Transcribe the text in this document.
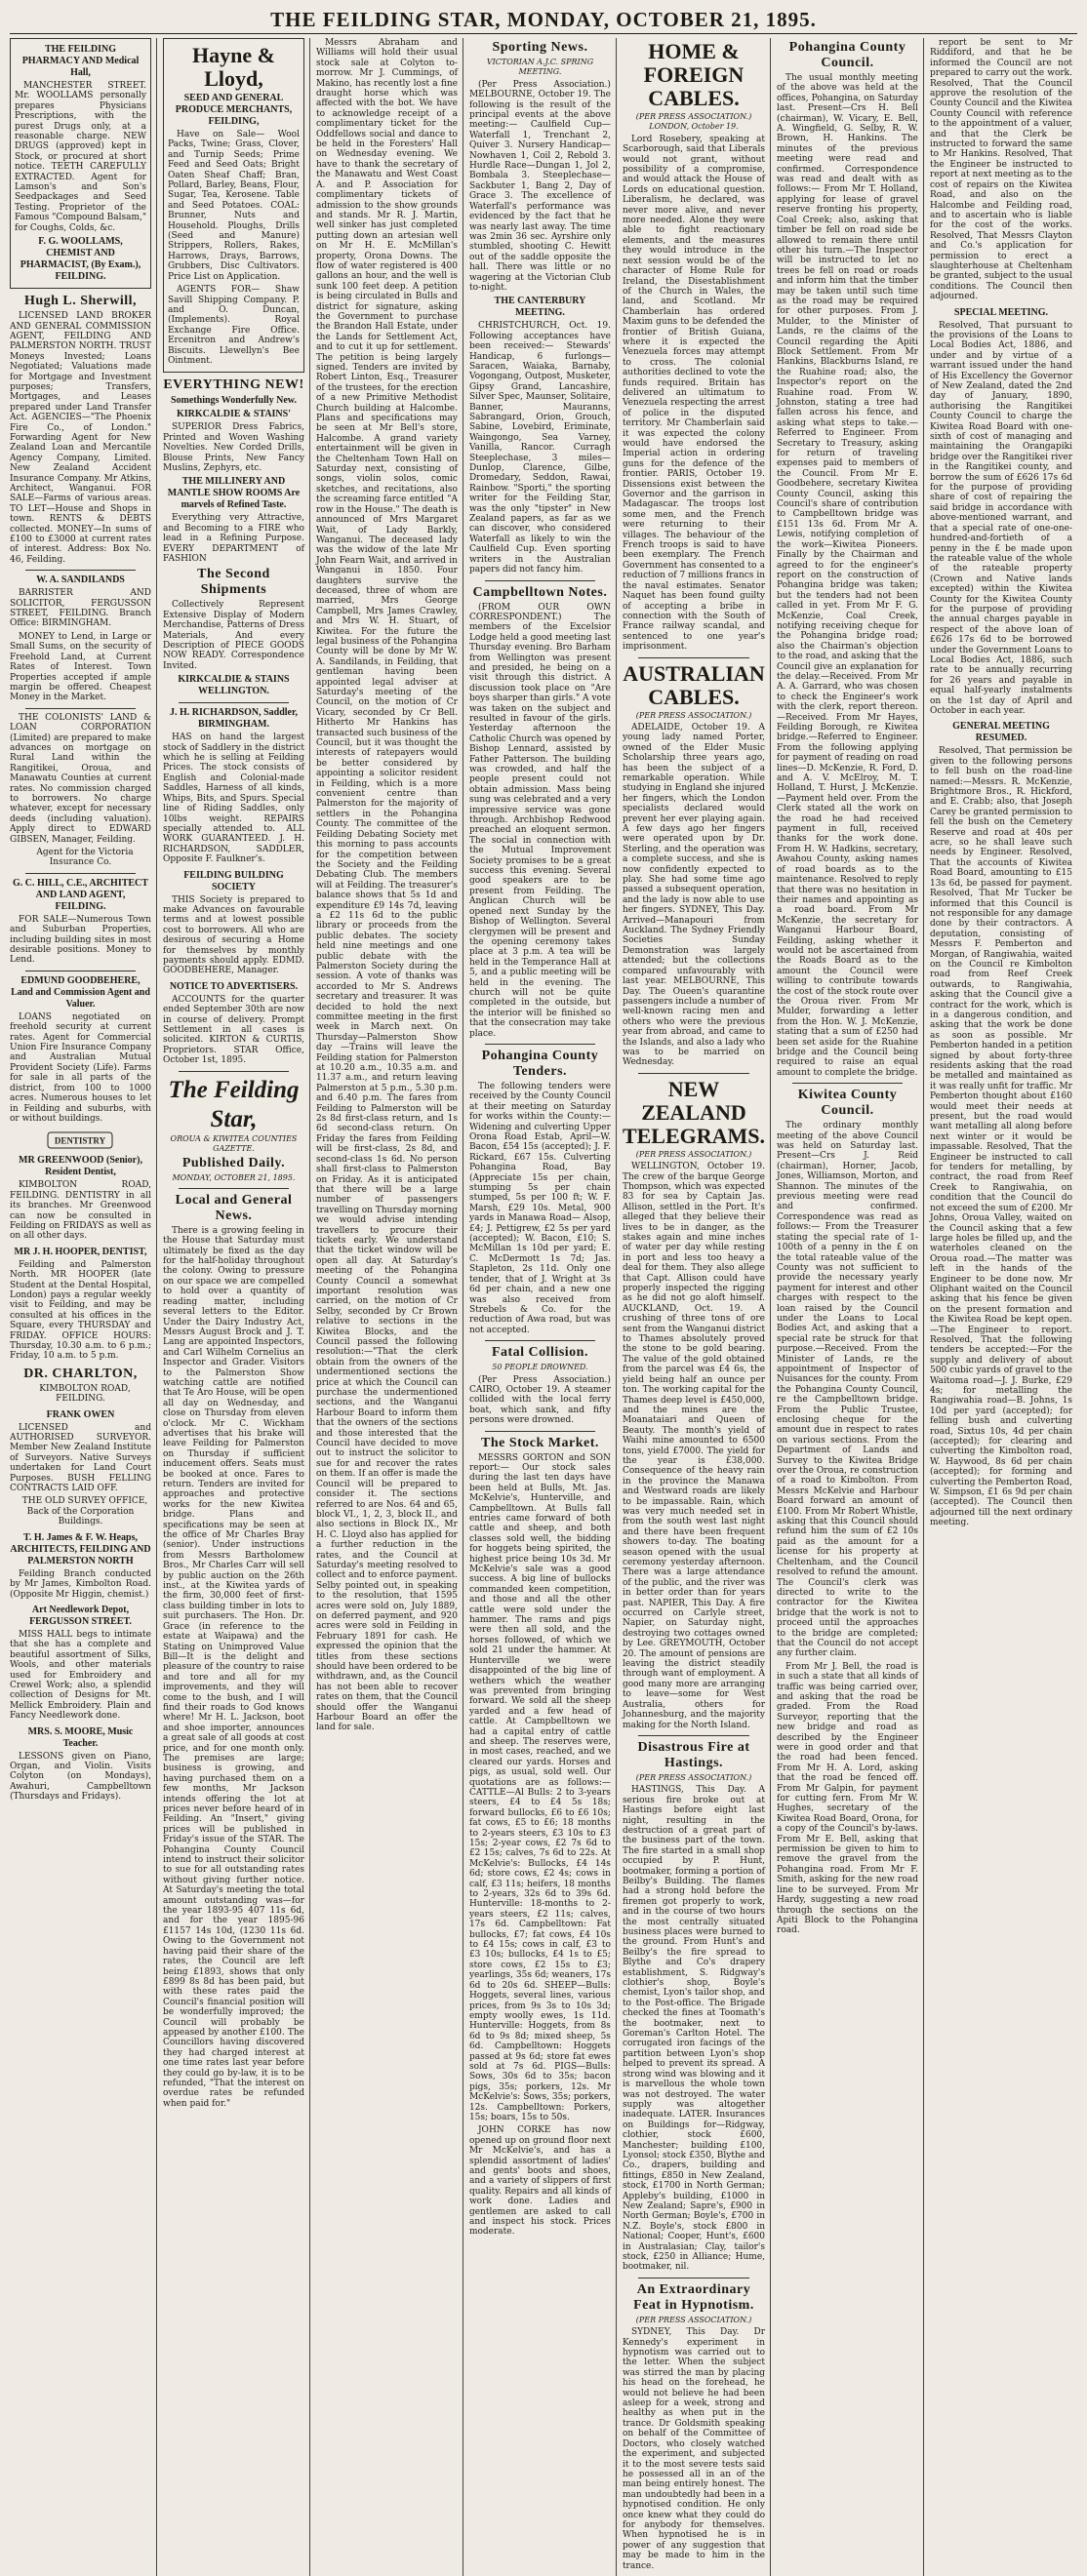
THE FEILDING STAR, MONDAY, OCTOBER 21, 1895.
THE FEILDING PHARMACY AND Medical Hall,

MANCHESTER STREET. Mr. WOOLLAMS personally prepares Physicians Prescriptions, with the purest Drugs only, at a reasonable charge. NEW DRUGS (approved) kept in Stock, or procured at short notice. TEETH CAREFULLY EXTRACTED. Agent for Lamson's and Son's Seedpackages and Seed Testing. Proprietor of the Famous "Compound Balsam," for Coughs, Colds, &c.

F. G. WOOLLAMS, CHEMIST AND PHARMACIST, (By Exam.), FEILDING.
Hugh L. Sherwill,

LICENSED LAND BROKER AND GENERAL COMMISSION AGENT, FEILDING AND PALMERSTON NORTH. TRUST Moneys Invested; Loans Negotiated; Valuations made for Mortgage and Investment purposes; Transfers, Mortgages, and Leases prepared under Land Transfer Act. AGENCIES—"The Phoenix Fire Co., of London." Forwarding Agent for New Zealand Loan and Mercantile Agency Company, Limited. New Zealand Accident Insurance Company. Mr Atkins, Architect, Wanganui. FOR SALE—Farms of various areas. TO LET—House and Shops in town. RENTS & DEBTS collected. MONEY—In sums of £100 to £3000 at current rates of interest. Address: Box No. 46, Feilding.

W. A. SANDILANDS

BARRISTER AND SOLICITOR, FERGUSSON STREET, FEILDING. Branch Office: BIRMINGHAM.

MONEY to Lend, in Large or Small Sums, on the security of Freehold Land, at Current Rates of Interest. Town Properties accepted if ample margin be offered. Cheapest Money in the Market.

THE COLONISTS' LAND & LOAN CORPORATION (Limited) are prepared to make advances on mortgage on Rural Land within the Rangitikei, Oroua, and Manawatu Counties at current rates. No commission charged to borrowers. No charge whatever, except for necessary deeds (including valuation). Apply direct to EDWARD GIBSEN, Manager, Feilding.

Agent for the Victoria Insurance Co.

G. C. HILL, C.E., ARCHITECT AND LAND AGENT, FEILDING.

FOR SALE—Numerous Town and Suburban Properties, including building sites in most desirable positions. Money to Lend.

EDMUND GOODBEHERE, Land and Commission Agent and Valuer.

LOANS negotiated on freehold security at current rates. Agent for Commercial Union Fire Insurance Company and Australian Mutual Provident Society (Life). Farms for sale in all parts of the district, from 100 to 1000 acres. Numerous houses to let in Feilding and suburbs, with or without buildings.

DENTISTRY
MR GREENWOOD (Senior), Resident Dentist,

KIMBOLTON ROAD, FEILDING. DENTISTRY in all its branches. Mr Greenwood can now be consulted in Feilding on FRIDAYS as well as on all other days.

MR J. H. HOOPER, DENTIST,

Feilding and Palmerston North. MR HOOPER (late Student at the Dental Hospital, London) pays a regular weekly visit to Feilding, and may be consulted at his offices in the Square, every THURSDAY and FRIDAY. OFFICE HOURS: Thursday, 10.30 a.m. to 6 p.m.; Friday, 10 a.m. to 5 p.m.

DR. CHARLTON,

KIMBOLTON ROAD, FEILDING.

FRANK OWEN

LICENSED and AUTHORISED SURVEYOR. Member New Zealand Institute of Surveyors. Native Surveys undertaken for Land Court Purposes. BUSH FELLING CONTRACTS LAID OFF.

THE OLD SURVEY OFFICE, Back of the Corporation Buildings.

T. H. James & F. W. Heaps, ARCHITECTS, FEILDING AND PALMERSTON NORTH

Feilding Branch conducted by Mr James, Kimbolton Road. (Opposite Mr Higgin, chemist.)

Art Needlework Depot, FERGUSSON STREET.

MISS HALL begs to intimate that she has a complete and beautiful assortment of Silks, Wools, and other materials used for Embroidery and Crewel Work; also, a splendid collection of Designs for Mt. Mellick Embroidery. Plain and Fancy Needlework done.

MRS. S. MOORE, Music Teacher.

LESSONS given on Piano, Organ, and Violin. Visits Colyton (on Mondays), Awahuri, Campbelltown (Thursdays and Fridays).

Hayne & Lloyd,
SEED AND GENERAL PRODUCE MERCHANTS, FEILDING,

Have on Sale— Wool Packs, Twine; Grass, Clover, and Turnip Seeds; Prime Feed and Seed Oats; Bright Oaten Sheaf Chaff; Bran, Pollard, Barley, Beans, Flour, Sugar, Tea, Kerosene. Table and Seed Potatoes. COAL: Brunner, Nuts and Household. Ploughs, Drills (Seed and Manure) Strippers, Rollers, Rakes, Harrows, Drays, Barrows, Grubbers, Disc Cultivators. Price List on Application.

AGENTS FOR— Shaw Savill Shipping Company. P. and O. Duncan, (Implements). Royal Exchange Fire Office. Ercenitron and Andrew's Biscuits. Llewellyn's Bee Ointment.

EVERYTHING NEW!
Somethings Wonderfully New.
KIRKCALDIE & STAINS'

SUPERIOR Dress Fabrics, Printed and Woven Washing Novelties. New Corded Drills, Blouse Prints, New Fancy Muslins, Zephyrs, etc.

THE MILLINERY AND MANTLE SHOW ROOMS Are marvels of Refined Taste.

Everything very Attractive, and Becoming to a FIRE who lead in a Refining Purpose. EVERY DEPARTMENT of FASHION

The Second Shipments

Collectively Represent Extensive Display of Modern Merchandise, Patterns of Dress Materials, And every Description of PIECE GOODS NOW READY. Correspondence Invited.

KIRKCALDIE & STAINS WELLINGTON.
J. H. RICHARDSON, Saddler, BIRMINGHAM.

HAS on hand the largest stock of Saddlery in the district which he is selling at Feilding Prices. The stock consists of English and Colonial-made Saddles, Harness of all kinds, Whips, Bits, and Spurs. Special line of Riding Saddles, only 10lbs weight. REPAIRS specially attended to. ALL WORK GUARANTEED. J. H. RICHARDSON, SADDLER, Opposite F. Faulkner's.

FEILDING BUILDING SOCIETY

THIS Society is prepared to make Advances on favourable terms and at lowest possible cost to borrowers. All who are desirous of securing a Home for themselves by monthly payments should apply. EDMD. GOODBEHERE, Manager.

NOTICE TO ADVERTISERS.

ACCOUNTS for the quarter ended September 30th are now in course of delivery. Prompt Settlement in all cases is solicited. KIRTON & CURTIS, Proprietors. STAR Office, October 1st, 1895.

The Feilding Star,
OROUA & KIWITEA COUNTIES GAZETTE.
Published Daily.
MONDAY, OCTOBER 21, 1895.
Local and General News.

There is a growing feeling in the House that Saturday must ultimately be fixed as the day for the half-holiday throughout the colony. Owing to pressure on our space we are compelled to hold over a quantity of reading matter, including several letters to the Editor. Under the Dairy Industry Act, Messrs August Brock and J. T. Lang are appointed Inspectors, and Carl Wilhelm Cornelius an Inspector and Grader. Visitors to the Palmerston Show watching cattle are notified that Te Aro House, will be open all day on Wednesday, and close on Thursday from eleven o'clock. Mr C. Wickham advertises that his brake will leave Feilding for Palmerston on Thursday if sufficient inducement offers. Seats must be booked at once. Fares to return. Tenders are invited for approaches and protective works for the new Kiwitea bridge. Plans and specifications may be seen at the office of Mr Charles Bray (senior). Under instructions from Messrs Bartholomew Bros., Mr Charles Carr will sell by public auction on the 26th inst., at the Kiwitea yards of the firm, 30,000 feet of first-class building timber in lots to suit purchasers. The Hon. Dr. Grace (in reference to the estate at Waipawa) and the Stating on Unimproved Value Bill—It is the delight and pleasure of the country to raise and tore and all for my improvements, and they will come to the bush, and I will find their roads to God knows where! Mr H. L. Jackson, boot and shoe importer, announces a great sale of all goods at cost price, and for one month only. The premises are large; business is growing, and having purchased them on a few months, Mr Jackson intends offering the lot at prices never before heard of in Feilding. An "Insert," giving prices will be published in Friday's issue of the STAR. The Pohangina County Council intend to instruct their solicitor to sue for all outstanding rates without giving further notice. At Saturday's meeting the total amount outstanding was—for the year 1893-95 407 11s 6d, and for the year 1895-96 £1157 14s 10d, (1230 11s 6d. Owing to the Government not having paid their share of the rates, the Council are left being £1893, shows that only £899 8s 8d has been paid, but with these rates paid the Council's financial position will be wonderfully improved; the Council will probably be appeased by another £100. The Councillors having discovered they had charged interest at one time rates last year before they could go by-law, it is to be refunded, "That the interest on overdue rates be refunded when paid for."

Messrs Abraham and Williams will hold their usual stock sale at Colyton to-morrow. Mr J. Cummings, of Makino, has recently lost a fine draught horse which was affected with the bot. We have to acknowledge receipt of a complimentary ticket for the Oddfellows social and dance to be held in the Foresters' Hall on Wednesday evening. We have to thank the secretary of the Manawatu and West Coast A. and P. Association for complimentary tickets of admission to the show grounds and stands. Mr R. J. Martin, well sinker has just completed putting down an artesian well on Mr H. E. McMillan's property, Orona Downs. The flow of water registered is 400 gallons an hour, and the well is sunk 100 feet deep. A petition is being circulated in Bulls and district for signature, asking the Government to purchase the Brandon Hall Estate, under the Lands for Settlement Act, and to cut it up for settlement. The petition is being largely signed. Tenders are invited by Robert Linton, Esq., Treasurer of the trustees, for the erection of a new Primitive Methodist Church building at Halcombe. Plans and specifications may be seen at Mr Bell's store, Halcombe. A grand variety entertainment will be given in the Cheltenham Town Hall on Saturday next, consisting of songs, violin solos, comic sketches, and recitations, also the screaming farce entitled "A row in the House." The death is announced of Mrs Margaret Wait, of Lady Barkly, Wanganui. The deceased lady was the widow of the late Mr John Fearn Wait, and arrived in Wanganui in 1850. Four daughters survive the deceased, three of whom are married, Mrs George Campbell, Mrs James Crawley, and Mrs W. H. Stuart, of Kiwitea. For the future the legal business of the Pohangina County will be done by Mr W. A. Sandilands, in Feilding, that gentleman having been appointed legal adviser at Saturday's meeting of the Council, on the motion of Cr Vicary, seconded by Cr Bell. Hitherto Mr Hankins has transacted such business of the Council, but it was thought the interests of ratepayers would be better considered by appointing a solicitor resident in Feilding, which is a more convenient centre than Palmerston for the majority of settlers in the Pohangina County. The committee of the Feilding Debating Society met this morning to pass accounts for the competition between the Society and the Feilding Debating Club. The members will at Feilding. The treasurer's balance shows that 5s 1d and expenditure £9 14s 7d, leaving a £2 11s 6d to the public library or proceeds from the public debates. The society held nine meetings and one public debate with the Palmerston Society during the session. A vote of thanks was accorded to Mr S. Andrews secretary and treasurer. It was decided to hold the next committee meeting in the first week in March next. On Thursday—Palmerston Show day —Trains will leave the Feilding station for Palmerston at 10.20 a.m., 10.35 a.m. and 11.37 a.m., and return leaving Palmerston at 5 p.m., 5.30 p.m. and 6.40 p.m. The fares from Feilding to Palmerston will be 2s 8d first-class return, and 1s 6d second-class return. On Friday the fares from Feilding will be first-class, 2s 8d, and second-class 1s 6d. No person shall first-class to Palmerston on Friday. As it is anticipated that there will be a large number of passengers travelling on Thursday morning we would advise intending travellers to procure their tickets early. We understand that the ticket window will be open all day. At Saturday's meeting of the Pohangina County Council a somewhat important resolution was carried, on the motion of Cr Selby, seconded by Cr Brown relative to sections in the Kiwitea Blocks, and the Council passed the following resolution:—"That the clerk obtain from the owners of the undermentioned sections the price at which the Council can purchase the undermentioned sections, and the Wanganui Harbour Board to inform them that the owners of the sections and those interested that the Council have decided to move out to instruct the solicitor to sue for and recover the rates on them. If an offer is made the Council will be prepared to consider it. The sections referred to are Nos. 64 and 65, block VI., 1, 2, 3, block II., and also sections in Block IX., Mr H. C. Lloyd also has applied for a further reduction in the rates, and the Council at Saturday's meeting resolved to collect and to enforce payment. Selby pointed out, in speaking to the resolution, that 1595 acres were sold on, July 1889, on deferred payment, and 920 acres were sold in Feilding in February 1891 for cash. He expressed the opinion that the titles from these sections should have been ordered to be withdrawn, and, as the Council has not been able to recover rates on them, that the Council should offer the Wanganui Harbour Board an offer the land for sale.

Sporting News.
VICTORIAN A.J.C. SPRING MEETING.

(Per Press Association.) MELBOURNE, October 19. The following is the result of the principal events at the above meeting:— Caulfield Cup—Waterfall 1, Trenchant 2, Quiver 3. Nursery Handicap—Nowhaven 1, Coil 2, Rebold 3. Hurdle Race—Dungan 1, Jol 2, Bombala 3. Steeplechase—Sackbuter 1, Bang 2, Day of Grace 3. The excellence of Waterfall's performance was evidenced by the fact that he was nearly last away. The time was 2min 36 sec. Ayrshire only stumbled, shooting C. Hewitt out of the saddle opposite the hall. There was little or no wagering at the Victorian Club to-night.

THE CANTERBURY MEETING.

CHRISTCHURCH, Oct. 19. Following acceptances have been received:— Stewards' Handicap, 6 furlongs—Saracen, Waiaka, Barnaby, Vogongang, Outpost, Musketer, Gipsy Grand, Lancashire, Silver Spec, Maunser, Solitaire, Banner, Mauranns, Sabrangard, Orion, Grouch, Sabine, Lovebird, Eriminate, Waingongo, Sea Varney, Vanilla, Rancor. Curragh Steeplechase, 3 miles— Dunlop, Clarence, Gilbe, Dromedary, Seddon, Rawai, Rainbow. "Sporti," the sporting writer for the Feilding Star, was the only "tipster" in New Zealand papers, as far as we can discover, who considered Waterfall as likely to win the Caulfield Cup. Even sporting writers in the Australian papers did not fancy him.

Campbelltown Notes.

(FROM OUR OWN CORRESPONDENT.) The members of the Excelsior Lodge held a good meeting last Thursday evening. Bro Barham from Wellington was present and presided, he being on a visit through this district. A discussion took place on "Are boys sharper than girls." A vote was taken on the subject and resulted in favour of the girls. Yesterday afternoon the Catholic Church was opened by Bishop Lennard, assisted by Father Patterson. The building was crowded, and half the people present could not obtain admission. Mass being sung was celebrated and a very impressive service was gone through. Archbishop Redwood preached an eloquent sermon. The social in connection with the Mutual Improvement Society promises to be a great success this evening. Several good speakers are to be present from Feilding. The Anglican Church will be opened next Sunday by the Bishop of Wellington. Several clergymen will be present and the opening ceremony takes place at 3 p.m. A tea will be held in the Temperance Hall at 5, and a public meeting will be held in the evening. The church will not be quite completed in the outside, but the interior will be finished so that the consecration may take place.

Pohangina County Tenders.

The following tenders were received by the County Council at their meeting on Saturday for works within the County:— Widening and culverting Upper Orona Road Estab, April—W. Bacon, £54 15s (accepted); J. F. Rickard, £67 15s. Culverting Pohangina Road, Bay (Appreciate 15s per chain, stumping 5s per chain stumped, 5s per 100 ft; W. F. Marsh, £29 10s. Metal, 900 yards in Manawa Road— Alsop, £4; J. Pettigrew, £2 5s per yard (accepted); W. Bacon, £10; S. McMillan 1s 10d per yard; E. C. McDermott 1s 7d; Jas. Stapleton, 2s 11d. Only one tender, that of J. Wright at 3s 6d per chain, and a new one was also received from Strebels & Co. for the reduction of Awa road, but was not accepted.

Fatal Collision.
50 PEOPLE DROWNED.

(Per Press Association.) CAIRO, October 19. A steamer collided with the local ferry boat, which sank, and fifty persons were drowned.

The Stock Market.

MESSRS GORTON and SON report:— Our stock sales during the last ten days have been held at Bulls, Mt. Jas. McKelvie's, Hunterville, and Campbelltown. At Bulls fall entries came forward of both cattle and sheep, and both classes sold well, the bidding for hoggets being spirited, the highest price being 10s 3d. Mr McKelvie's sale was a good success. A big line of bullocks commanded keen competition, and those and all the other cattle were sold under the hammer. The rams and pigs were then all sold, and the horses followed, of which we sold 21 under the hammer. At Hunterville we were disappointed of the big line of wethers which the weather was prevented from bringing forward. We sold all the sheep yarded and a few head of cattle. At Campbelltown we had a capital entry of cattle and sheep. The reserves were, in most cases, reached, and we cleared our yards. Horses and pigs, as usual, sold well. Our quotations are as follows:— CATTLE—Al Bulls: 2 to 3-years steers, £4 to £4 5s 18s; forward bullocks, £6 to £6 10s; fat cows, £5 to £6; 18 months to 2-years steers, £3 10s to £3 15s; 2-year cows, £2 7s 6d to £2 15s; calves, 7s 6d to 22s. At McKelvie's: Bullocks, £4 14s 6d; store cows, £2 4s; cows in calf, £3 11s; heifers, 18 months to 2-years, 32s 6d to 39s 6d. Hunterville: 18-months to 2-years steers, £2 11s; calves, 17s 6d. Campbelltown: Fat bullocks, £7; fat cows, £4 10s to £4 15s; cows in calf, £3 to £3 10s; bullocks, £4 1s to £5; store cows, £2 15s to £3; yearlings, 35s 6d; weaners, 17s 6d to 20s 6d. SHEEP—Bulls: Hoggets, several lines, various prices, from 9s 3s to 10s 3d; empty woolly ewes, 1s 11d. Hunterville: Hoggets, from 8s 6d to 9s 8d; mixed sheep, 5s 6d. Campbelltown: Hoggets passed at 9s 6d; store fat ewes sold at 7s 6d. PIGS—Bulls: Sows, 30s 6d to 35s; bacon pigs, 35s; porkers, 12s. Mr McKelvie's: Sows, 35s; porkers, 12s. Campbelltown: Porkers, 15s; boars, 15s to 50s.

JOHN CORKE has now opened up on ground floor next Mr McKelvie's, and has a splendid assortment of ladies' and gents' boots and shoes, and a variety of slippers of first quality. Repairs and all kinds of work done. Ladies and gentlemen are asked to call and inspect his stock. Prices moderate.

HOME & FOREIGN CABLES.
(PER PRESS ASSOCIATION.) LONDON, October 19.

Lord Rosebery, speaking at Scarborough, said that Liberals would not grant, without possibility of a compromise, and would attack the House of Lords on educational question. Liberalism, he declared, was never more alive, and never more needed. Alone they were able to fight reactionary elements, and the measures they would introduce in the next session would be of the character of Home Rule for Ireland, the Disestablishment of the Church in Wales, the land, and Scotland. Mr Chamberlain has ordered Maxim guns to be defended the frontier of British Guiana, where it is expected the Venezuela forces may attempt to cross. The colonial authorities declined to vote the funds required. Britain has delivered an ultimatum to Venezuela respecting the arrest of police in the disputed territory. Mr Chamberlain said it was expected the colony would have endorsed the Imperial action in ordering guns for the defence of the frontier. PARIS, October 19. Dissensions exist between the Governor and the garrison in Madagascar. The troops lost some men, and the French were returning to their villages. The behaviour of the French troops is said to have been exemplary. The French Government has consented to a reduction of 7 millions francs in the naval estimates. Senator Naquet has been found guilty of accepting a bribe in connection with the South of France railway scandal, and sentenced to one year's imprisonment.

AUSTRALIAN CABLES.
(PER PRESS ASSOCIATION.)

ADELAIDE, October 19. A young lady named Porter, owned of the Elder Music Scholarship three years ago, has been the subject of a remarkable operation. While studying in England she injured her fingers, which the London specialists declared would prevent her ever playing again. A few days ago her fingers were operated upon by Dr. Sterling, and the operation was a complete success, and she is now confidently expected to play. She had some time ago passed a subsequent operation, and the lady is now able to use her fingers. SYDNEY, This Day. Arrived—Manapouri from Auckland. The Sydney Friendly Societies Sunday Demonstration was largely attended; but the collections compared unfavourably with last year. MELBOURNE, This Day. The Oueen's quarantine passengers include a number of well-known racing men and others who were the previous year from abroad, and came to the Islands, and also a lady who was to be married on Wednesday.

NEW ZEALAND TELEGRAMS.
(PER PRESS ASSOCIATION.)

WELLINGTON, October 19. The crew of the barque George Thompson, which was expected 83 for sea by Captain Jas. Allison, settled in the Port. It's alleged that they believe their lives to be in danger, as the stakes again and mine inches of water per day while resting in port and less too heavy a deal for them. They also allege that Capt. Allison could have properly inspected the rigging as he did not go aloft himself. AUCKLAND, Oct. 19. A crushing of three tons of ore sent from the Wanganui district to Thames absolutely proved the stone to be gold bearing. The value of the gold obtained from the parcel was £4 6s, the yield being half an ounce per ton. The working capital for the Thames deep level is £450,000, and the mines are the Moanataiari and Queen of Beauty. The month's yield of Waihi mine amounted to 6500 tons, yield £7000. The yield for the year is £38,000. Consequence of the heavy rain in the province the Manawa and Westward roads are likely to be impassable. Rain, which was very much needed set in from the south west last night and there have been frequent showers to-day. The boating season opened with the usual ceremony yesterday afternoon. There was a large attendance of the public, and the river was in better order than for years past. NAPIER, This Day. A fire occurred on Carlyle street, Napier, on Saturday night, destroying two cottages owned by Lee. GREYMOUTH, October 20. The amount of pensions are leaving the district steadily through want of employment. A good many more are arranging to leave—some for West Australia, others for Johannesburg, and the majority making for the North Island.

Disastrous Fire at Hastings.
(PER PRESS ASSOCIATION.)

HASTINGS, This Day. A serious fire broke out at Hastings before eight last night, resulting in the destruction of a great part of the business part of the town. The fire started in a small shop occupied by P. Hunt, bootmaker, forming a portion of Beilby's Building. The flames had a strong hold before the firemen got properly to work, and in the course of two hours the most centrally situated business places were burned to the ground. From Hunt's and Beilby's the fire spread to Blythe and Co's drapery establishment, S. Ridgway's clothier's shop, Boyle's chemist, Lyon's tailor shop, and to the Post-office. The Brigade checked the fines at Toomath's the bootmaker, next to Goreman's Carlton Hotel. The corrugated iron facings of the partition between Lyon's shop helped to prevent its spread. A strong wind was blowing and it is marvellous the whole town was not destroyed. The water supply was altogether inadequate. LATER. Insurances on Buildings for—Ridgway, clothier, stock £600, Manchester; building £100, Lyonsol; stock £350, Blythe and Co., drapers, building and fittings, £850 in New Zealand, stock, £1700 in North German; Appleby's building, £1000 in New Zealand; Sapre's, £900 in North German; Boyle's, £700 in N.Z. Boyle's, stock £800 in National; Cooper, Hunt's, £600 in Australasian; Clay, tailor's stock, £250 in Alliance; Hume, bootmaker, nil.

An Extraordinary Feat in Hypnotism.
(PER PRESS ASSOCIATION.)

SYDNEY, This Day. Dr Kennedy's experiment in hypnotism was carried out to the letter. When the subject was stirred the man by placing his head on the forehead, he would not believe he had been asleep for a week, strong and healthy as when put in the trance. Dr Goldsmith speaking on behalf of the Committee of Doctors, who closely watched the experiment, and subjected it to the most severe tests said he possessed all in an of the man being entirely honest. The man undoubtedly had been in a hypnotised condition. He only once knew what they could do for anybody for themselves. When hypnotised he is in power of any suggestion that may be made to him in the trance.

Pohangina County Council.

The usual monthly meeting of the above was held at the offices, Pohangina, on Saturday last. Present—Crs H. Bell (chairman), W. Vicary, E. Bell, A. Wingfield, G. Selby, R. W. Brown, H. Hankins. The minutes of the previous meeting were read and confirmed. Correspondence was read and dealt with as follows:— From Mr T. Holland, applying for lease of gravel reserve fronting his property, Coal Creek; also, asking that timber be fell on road side be allowed to remain there until other his turn.—The Inspector will be instructed to let no trees be fell on road or roads and inform him that the timber may be taken until such time as the road may be required for other purposes. From J. Mulder, to the Minister of Lands, re the claims of the Council regarding the Apiti Block Settlement. From Mr Hankins, Blackburns Island, re the Ruahine road; also, the Inspector's report on the Ruahine road. From W. Johnston, stating a tree had fallen across his fence, and asking what steps to take.—Referred to Engineer. From Secretary to Treasury, asking for return of traveling expenses paid to members of the Council. From Mr E. Goodbehere, secretary Kiwitea County Council, asking this Council's share of contribution to Campbelltown bridge was £151 13s 6d. From Mr A. Lewis, notifying completion of the work—Kiwitea Pioneers. Finally by the Chairman and agreed to for the engineer's report on the construction of Pohangina bridge was taken; but the tenders had not been called in yet. From Mr F. G. McKenzie, Coal Creek, notifying receiving cheque for the Pohangina bridge road; also the Chairman's objection to the road, and asking that the Council give an explanation for the delay.—Received. From Mr A. A. Garrard, who was chosen to check the Engineer's work with the clerk, report thereon.—Received. From Mr Hayes, Feilding Borough, re Kiwitea bridge.—Referred to Engineer. From the following applying for payment of reading on road lines—D. McKenzie, R. Ford, D. and A. V. McElroy, M. T. Holland, T. Hurst, J. McKenzie.—Payment held over. From the Clerk stated all the work on the road he had received payment in full, received thanks for the work done. From H. W. Hadkins, secretary, Awahou County, asking names of road boards as to the maintenance. Resolved to reply that there was no hesitation in their names and appointing as a road board. From Mr McKenzie, the secretary for Wanganui Harbour Board, Feilding, asking whether it would not be ascertained from the Roads Board as to the amount the Council were willing to contribute towards the cost of the stock route over the Oroua river. From Mr Mulder, forwarding a letter from the Hon. W. J. McKenzie, stating that a sum of £250 had been set aside for the Ruahine bridge and the Council being required to raise an equal amount to complete the bridge.

Kiwitea County Council.

The ordinary monthly meeting of the above Council was held on Saturday last. Present—Crs J. Reid (chairman), Horner, Jacob, Jones, Williamson, Morton, and Shannon. The minutes of the previous meeting were read and confirmed. Correspondence was read as follows:— From the Treasurer stating the special rate of 1-100th of a penny in the £ on the total rateable value of the County was not sufficient to provide the necessary yearly payment for interest and other charges with respect to the loan raised by the Council under the Loans to Local Bodies Act, and asking that a special rate be struck for that purpose.—Received. From the Minister of Lands, re the appointment of Inspector of Nuisances for the county. From the Pohangina County Council, re the Campbelltown bridge. From the Public Trustee, enclosing cheque for the amount due in respect to rates on various sections. From the Department of Lands and Survey to the Kiwitea Bridge over the Oroua, re construction of a road to Kimbolton. From Messrs McKelvie and Harbour Board forward an amount of £100. From Mr Robert Whistle, asking that this Council should refund him the sum of £2 10s paid as the amount for a license for his property at Cheltenham, and the Council resolved to refund the amount. The Council's clerk was directed to write to the contractor for the Kiwitea bridge that the work is not to proceed until the approaches to the bridge are completed; that the Council do not accept any further claim.

From Mr J. Bell, the road is in such a state that all kinds of traffic was being carried over, and asking that the road be graded. From the Road Surveyor, reporting that the new bridge and road as described by the Engineer were in good order and that the road had been fenced. From Mr H. A. Lord, asking that the road be fenced off. From Mr Galpin, for payment for cutting fern. From Mr W. Hughes, secretary of the Kiwitea Road Board, Orona, for a copy of the Council's by-laws. From Mr E. Bell, asking that permission be given to him to remove the gravel from the Pohangina road. From Mr F. Smith, asking for the new road line to be surveyed. From Mr Hardy, suggesting a new road through the sections on the Apiti Block to the Pohangina road.

report be sent to Mr Riddiford, and that he be informed the Council are not prepared to carry out the work. Resolved, That the Council approve the resolution of the County Council and the Kiwitea County Council with reference to the appointment of a valuer, and that the Clerk be instructed to forward the same to Mr Hankins. Resolved, That the Engineer be instructed to report at next meeting as to the cost of repairs on the Kiwitea Road, and also on the Halcombe and Feilding road, and to ascertain who is liable for the cost of the works. Resolved, That Messrs Clayton and Co.'s application for permission to erect a slaughterhouse at Cheltenham be granted, subject to the usual conditions. The Council then adjourned.

SPECIAL MEETING.

Resolved, That pursuant to the provisions of the Loans to Local Bodies Act, 1886, and under and by virtue of a warrant issued under the hand of His Excellency the Governor of New Zealand, dated the 2nd day of January, 1890, authorising the Rangitikei County Council to charge the Kiwitea Road Board with one-sixth of cost of managing and maintaining the Orangapiki bridge over the Rangitikei river in the Rangitikei county, and borrow the sum of £626 17s 6d for the purpose of providing share of cost of repairing the said bridge in accordance with above-mentioned warrant, and that a special rate of one-one-hundred-and-fortieth of a penny in the £ be made upon the rateable value of the whole of the rateable property (Crown and Native lands excepted) within the Kiwitea County for the Kiwitea County for the purpose of providing the annual charges payable in respect of the above loan of £626 17s 6d to be borrowed under the Government Loans to Local Bodies Act, 1886, such rate to be annually recurring for 26 years and payable in equal half-yearly instalments on the 1st day of April and October in each year.

GENERAL MEETING RESUMED.

Resolved, That permission be given to the following persons to fell bush on the road-line named:—Messrs. R. McKenzie, Brightmore Bros., R. Hickford, and E. Crabb; also, that Joseph Carey be granted permission to fell the bush on the Cemetery Reserve and road at 40s per acre, so he shall leave such needs by Engineer. Resolved, That the accounts of Kiwitea Road Board, amounting to £15 13s 6d, be passed for payment. Resolved, That Mr Tucker be informed that this Council is not responsible for any damage done by their contractors. A deputation, consisting of Messrs F. Pemberton and Morgan, of Rangiwahia, waited on the Council re Kimbolton road from Reef Creek outwards, to Rangiwahia, asking that the Council give a contract for the work, which is in a dangerous condition, and asking that the work be done as soon as possible. Mr Pemberton handed in a petition signed by about forty-three residents asking that the road be metalled and maintained as it was really unfit for traffic. Mr Pemberton thought about £160 would meet their needs at present, but the road would want metalling all along before next winter or it would be impassable. Resolved, That the Engineer be instructed to call for tenders for metalling, by contract, the road from Reef Creek to Rangiwahia, on condition that the Council do not exceed the sum of £200. Mr Johns, Oroua Valley, waited on the Council asking that a few large holes be filled up, and the waterholes cleaned on the Oroua road.—The matter was left in the hands of the Engineer to be done now. Mr Oliphant waited on the Council asking that his fence be given on the present formation and the Kiwitea Road be kept open.—The Engineer to report. Resolved, That the following tenders be accepted:—For the supply and delivery of about 500 cubic yards of gravel to the Waitoma road—J. J. Burke, £29 4s; for metalling the Rangiwahia road—B. Johns, 1s 10d per yard (accepted); for felling bush and culverting road, Sixtus 10s, 4d per chain (accepted); for clearing and culverting the Kimbolton road, W. Haywood, 8s 6d per chain (accepted); for forming and culverting the Pemberton Road, W. Simpson, £1 6s 9d per chain (accepted). The Council then adjourned till the next ordinary meeting.
